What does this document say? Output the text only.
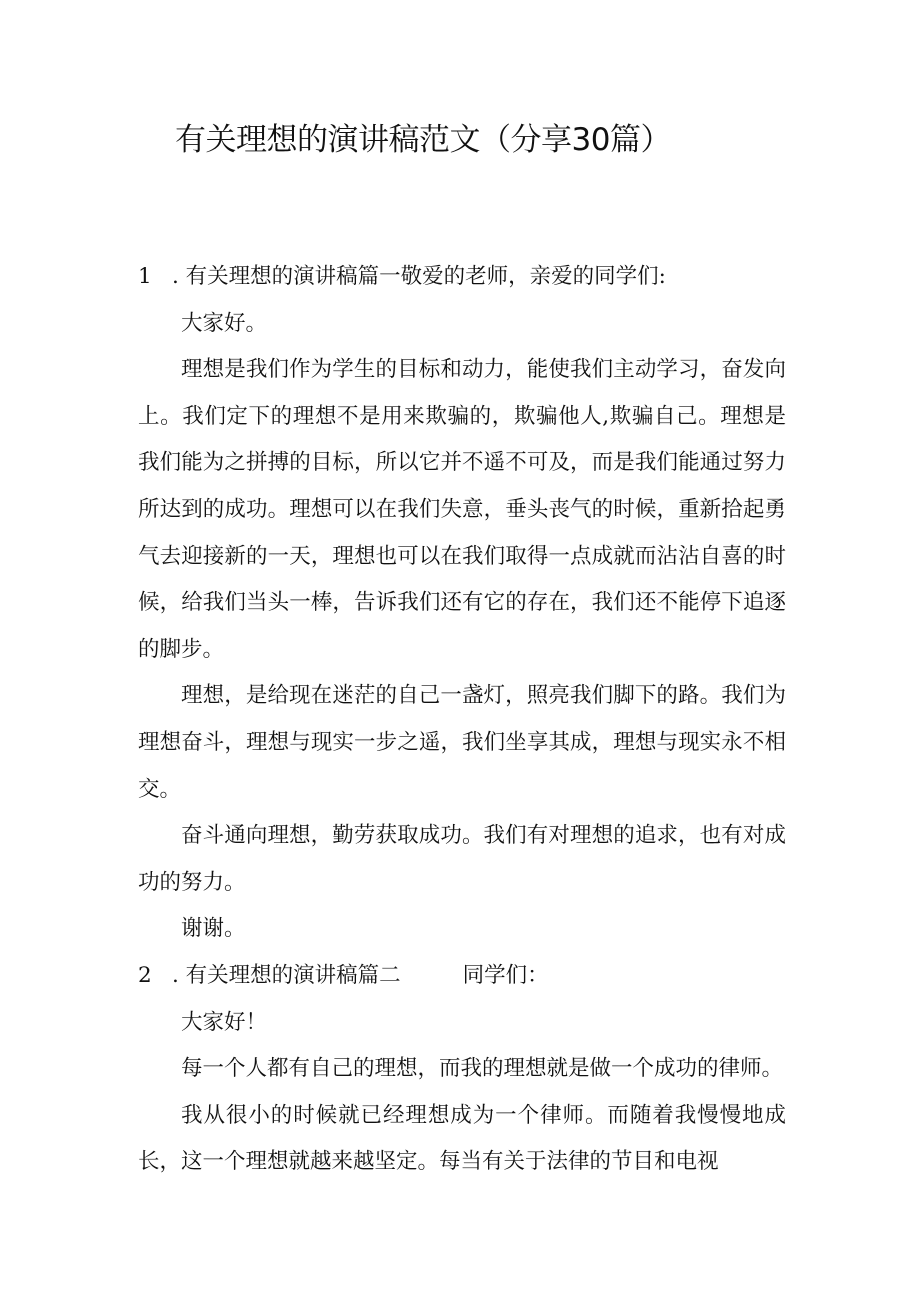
有关理想的演讲稿范文（分享30篇）

1 . 有关理想的演讲稿篇一敬爱的老师，亲爱的同学们:

大家好。

理想是我们作为学生的目标和动力，能使我们主动学习，奋发向上。我们定下的理想不是用来欺骗的，欺骗他人,欺骗自己。理想是我们能为之拼搏的目标，所以它并不遥不可及，而是我们能通过努力所达到的成功。理想可以在我们失意，垂头丧气的时候，重新拾起勇气去迎接新的一天，理想也可以在我们取得一点成就而沾沾自喜的时候，给我们当头一棒，告诉我们还有它的存在，我们还不能停下追逐的脚步。

理想，是给现在迷茫的自己一盏灯，照亮我们脚下的路。我们为理想奋斗，理想与现实一步之遥，我们坐享其成，理想与现实永不相交。

奋斗通向理想，勤劳获取成功。我们有对理想的追求，也有对成功的努力。

谢谢。

2 . 有关理想的演讲稿篇二	同学们：

大家好！

每一个人都有自己的理想，而我的理想就是做一个成功的律师。

我从很小的时候就已经理想成为一个律师。而随着我慢慢地成长，这一个理想就越来越坚定。每当有关于法律的节目和电视
